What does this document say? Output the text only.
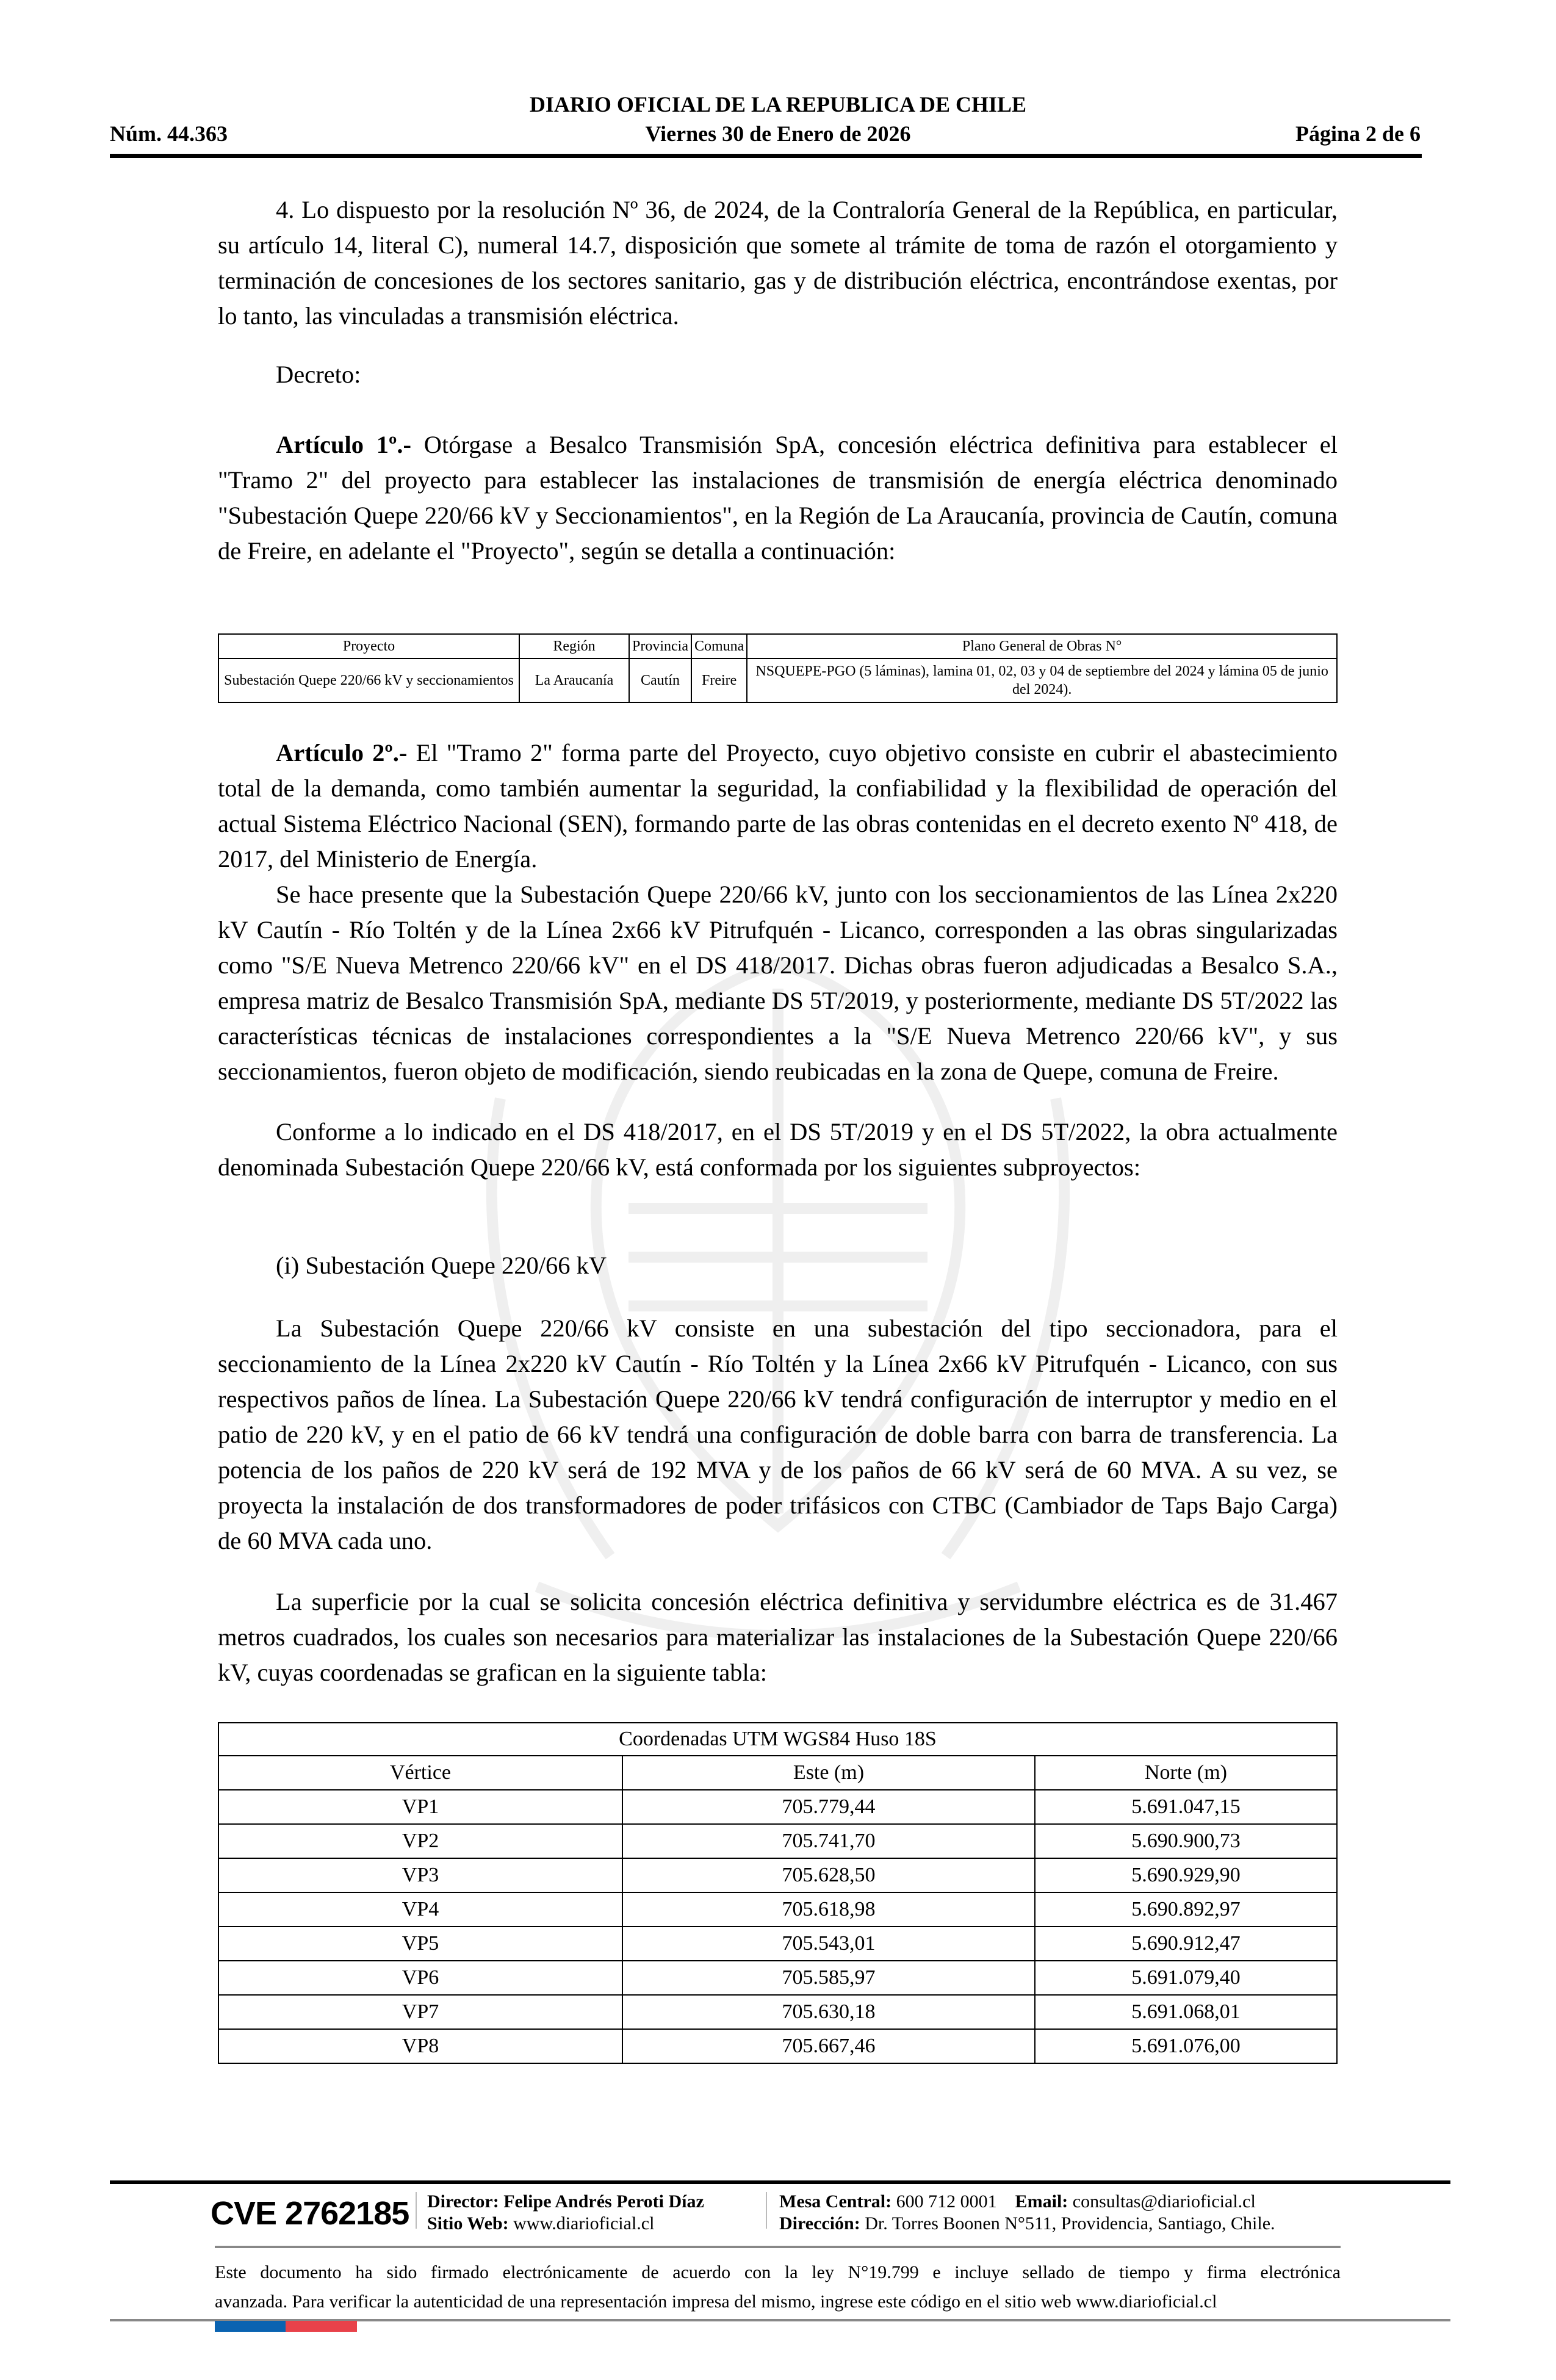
DIARIO OFICIAL DE LA REPUBLICA DE CHILE
Núm. 44.363	Viernes 30 de Enero de 2026	Página 2 de 6
4. Lo dispuesto por la resolución Nº 36, de 2024, de la Contraloría General de la República, en particular, su artículo 14, literal C), numeral 14.7, disposición que somete al trámite de toma de razón el otorgamiento y terminación de concesiones de los sectores sanitario, gas y de distribución eléctrica, encontrándose exentas, por lo tanto, las vinculadas a transmisión eléctrica.
Decreto:
Artículo 1º.- Otórgase a Besalco Transmisión SpA, concesión eléctrica definitiva para establecer el "Tramo 2" del proyecto para establecer las instalaciones de transmisión de energía eléctrica denominado "Subestación Quepe 220/66 kV y Seccionamientos", en la Región de La Araucanía, provincia de Cautín, comuna de Freire, en adelante el "Proyecto", según se detalla a continuación:
Proyecto	Región	Provincia	Comuna	Plano General de Obras N°
Subestación Quepe 220/66 kV y seccionamientos	La Araucanía	Cautín	Freire	NSQUEPE-PGO (5 láminas), lamina 01, 02, 03 y 04 de septiembre del 2024 y lámina 05 de junio del 2024).
Artículo 2º.- El "Tramo 2" forma parte del Proyecto, cuyo objetivo consiste en cubrir el abastecimiento total de la demanda, como también aumentar la seguridad, la confiabilidad y la flexibilidad de operación del actual Sistema Eléctrico Nacional (SEN), formando parte de las obras contenidas en el decreto exento Nº 418, de 2017, del Ministerio de Energía.
Se hace presente que la Subestación Quepe 220/66 kV, junto con los seccionamientos de las Línea 2x220 kV Cautín - Río Toltén y de la Línea 2x66 kV Pitrufquén - Licanco, corresponden a las obras singularizadas como "S/E Nueva Metrenco 220/66 kV" en el DS 418/2017. Dichas obras fueron adjudicadas a Besalco S.A., empresa matriz de Besalco Transmisión SpA, mediante DS 5T/2019, y posteriormente, mediante DS 5T/2022 las características técnicas de instalaciones correspondientes a la "S/E Nueva Metrenco 220/66 kV", y sus seccionamientos, fueron objeto de modificación, siendo reubicadas en la zona de Quepe, comuna de Freire.
Conforme a lo indicado en el DS 418/2017, en el DS 5T/2019 y en el DS 5T/2022, la obra actualmente denominada Subestación Quepe 220/66 kV, está conformada por los siguientes subproyectos:
(i) Subestación Quepe 220/66 kV
La Subestación Quepe 220/66 kV consiste en una subestación del tipo seccionadora, para el seccionamiento de la Línea 2x220 kV Cautín - Río Toltén y la Línea 2x66 kV Pitrufquén - Licanco, con sus respectivos paños de línea. La Subestación Quepe 220/66 kV tendrá configuración de interruptor y medio en el patio de 220 kV, y en el patio de 66 kV tendrá una configuración de doble barra con barra de transferencia. La potencia de los paños de 220 kV será de 192 MVA y de los paños de 66 kV será de 60 MVA. A su vez, se proyecta la instalación de dos transformadores de poder trifásicos con CTBC (Cambiador de Taps Bajo Carga) de 60 MVA cada uno.
La superficie por la cual se solicita concesión eléctrica definitiva y servidumbre eléctrica es de 31.467 metros cuadrados, los cuales son necesarios para materializar las instalaciones de la Subestación Quepe 220/66 kV, cuyas coordenadas se grafican en la siguiente tabla:
Coordenadas UTM WGS84 Huso 18S		
Vértice	Este (m)	Norte (m)
VP1	705.779,44	5.691.047,15
VP2	705.741,70	5.690.900,73
VP3	705.628,50	5.690.929,90
VP4	705.618,98	5.690.892,97
VP5	705.543,01	5.690.912,47
VP6	705.585,97	5.691.079,40
VP7	705.630,18	5.691.068,01
VP8	705.667,46	5.691.076,00
CVE 2762185 Director: Felipe Andrés Peroti Díaz
Sitio Web: www.diarioficial.cl
Mesa Central: 600 712 0001 Email: consultas@diarioficial.cl
Dirección: Dr. Torres Boonen N°511, Providencia, Santiago, Chile.
Este documento ha sido firmado electrónicamente de acuerdo con la ley N°19.799 e incluye sellado de tiempo y firma electrónica
avanzada. Para verificar la autenticidad de una representación impresa del mismo, ingrese este código en el sitio web www.diarioficial.cl
